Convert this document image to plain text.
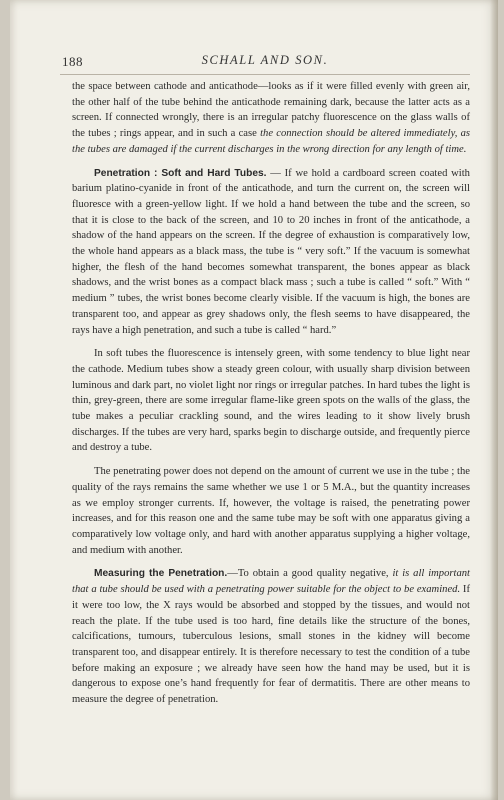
188	SCHALL AND SON.

the space between cathode and anticathode—looks as if it were filled evenly with green air, the other half of the tube behind the anticathode remaining dark, because the latter acts as a screen. If connected wrongly, there is an irregular patchy fluorescence on the glass walls of the tubes ; rings appear, and in such a case the connection should be altered immediately, as the tubes are damaged if the current discharges in the wrong direction for any length of time.

Penetration : Soft and Hard Tubes. — If we hold a cardboard screen coated with barium platino-cyanide in front of the anticathode, and turn the current on, the screen will fluoresce with a green-yellow light. If we hold a hand between the tube and the screen, so that it is close to the back of the screen, and 10 to 20 inches in front of the anticathode, a shadow of the hand appears on the screen. If the degree of exhaustion is comparatively low, the whole hand appears as a black mass, the tube is “ very soft.” If the vacuum is somewhat higher, the flesh of the hand becomes somewhat transparent, the bones appear as black shadows, and the wrist bones as a compact black mass ; such a tube is called “ soft.” With “ medium ” tubes, the wrist bones become clearly visible. If the vacuum is high, the bones are transparent too, and appear as grey shadows only, the flesh seems to have disappeared, the rays have a high penetration, and such a tube is called “ hard.”

In soft tubes the fluorescence is intensely green, with some tendency to blue light near the cathode. Medium tubes show a steady green colour, with usually sharp division between luminous and dark part, no violet light nor rings or irregular patches. In hard tubes the light is thin, grey-green, there are some irregular flame-like green spots on the walls of the glass, the tube makes a peculiar crackling sound, and the wires leading to it show lively brush discharges. If the tubes are very hard, sparks begin to discharge outside, and frequently pierce and destroy a tube.

The penetrating power does not depend on the amount of current we use in the tube ; the quality of the rays remains the same whether we use 1 or 5 M.A., but the quantity increases as we employ stronger currents. If, however, the voltage is raised, the penetrating power increases, and for this reason one and the same tube may be soft with one apparatus giving a comparatively low voltage only, and hard with another apparatus supplying a higher voltage, and medium with another.

Measuring the Penetration.—To obtain a good quality negative, it is all important that a tube should be used with a penetrating power suitable for the object to be examined. If it were too low, the X rays would be absorbed and stopped by the tissues, and would not reach the plate. If the tube used is too hard, fine details like the structure of the bones, calcifications, tumours, tuberculous lesions, small stones in the kidney will become transparent too, and disappear entirely. It is therefore necessary to test the condition of a tube before making an exposure ; we already have seen how the hand may be used, but it is dangerous to expose one’s hand frequently for fear of dermatitis. There are other means to measure the degree of penetration.
